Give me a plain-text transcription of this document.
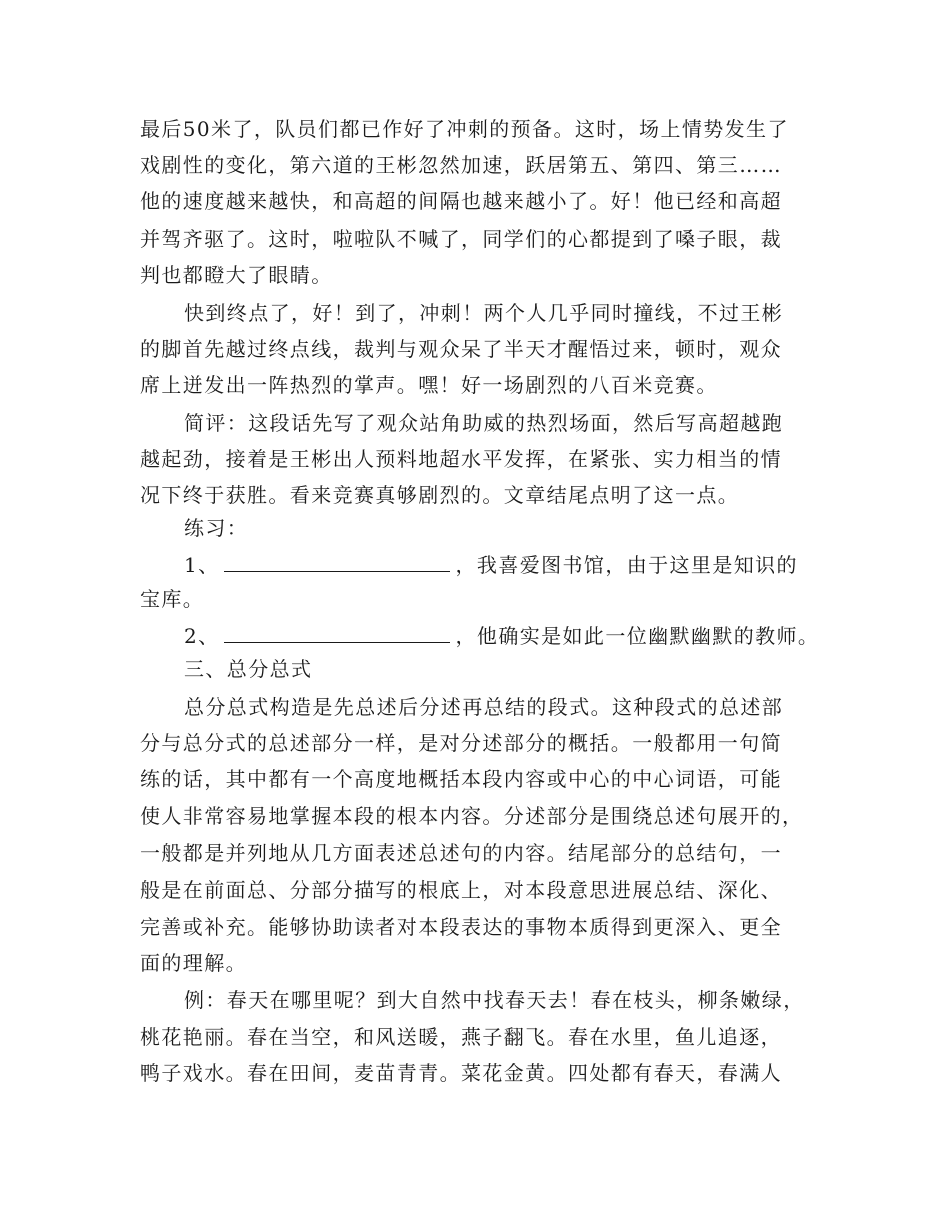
最后50米了，队员们都已作好了冲刺的预备。这时，场上情势发生了
戏剧性的变化，第六道的王彬忽然加速，跃居第五、第四、第三……
他的速度越来越快，和高超的间隔也越来越小了。好！他已经和高超
并驾齐驱了。这时，啦啦队不喊了，同学们的心都提到了嗓子眼，裁
判也都瞪大了眼睛。
快到终点了，好！到了，冲刺！两个人几乎同时撞线，不过王彬
的脚首先越过终点线，裁判与观众呆了半天才醒悟过来，顿时，观众
席上迸发出一阵热烈的掌声。嘿！好一场剧烈的八百米竞赛。
简评：这段话先写了观众站角助威的热烈场面，然后写高超越跑
越起劲，接着是王彬出人预料地超水平发挥，在紧张、实力相当的情
况下终于获胜。看来竞赛真够剧烈的。文章结尾点明了这一点。
练习：
1、	，我喜爱图书馆，由于这里是知识的
宝库。
2、	，他确实是如此一位幽默幽默的教师。
三、总分总式
总分总式构造是先总述后分述再总结的段式。这种段式的总述部
分与总分式的总述部分一样，是对分述部分的概括。一般都用一句简
练的话，其中都有一个高度地概括本段内容或中心的中心词语，可能
使人非常容易地掌握本段的根本内容。分述部分是围绕总述句展开的，
一般都是并列地从几方面表述总述句的内容。结尾部分的总结句，一
般是在前面总、分部分描写的根底上，对本段意思进展总结、深化、
完善或补充。能够协助读者对本段表达的事物本质得到更深入、更全
面的理解。
例：春天在哪里呢？到大自然中找春天去！春在枝头，柳条嫩绿，
桃花艳丽。春在当空，和风送暖，燕子翻飞。春在水里，鱼儿追逐，
鸭子戏水。春在田间，麦苗青青。菜花金黄。四处都有春天，春满人
